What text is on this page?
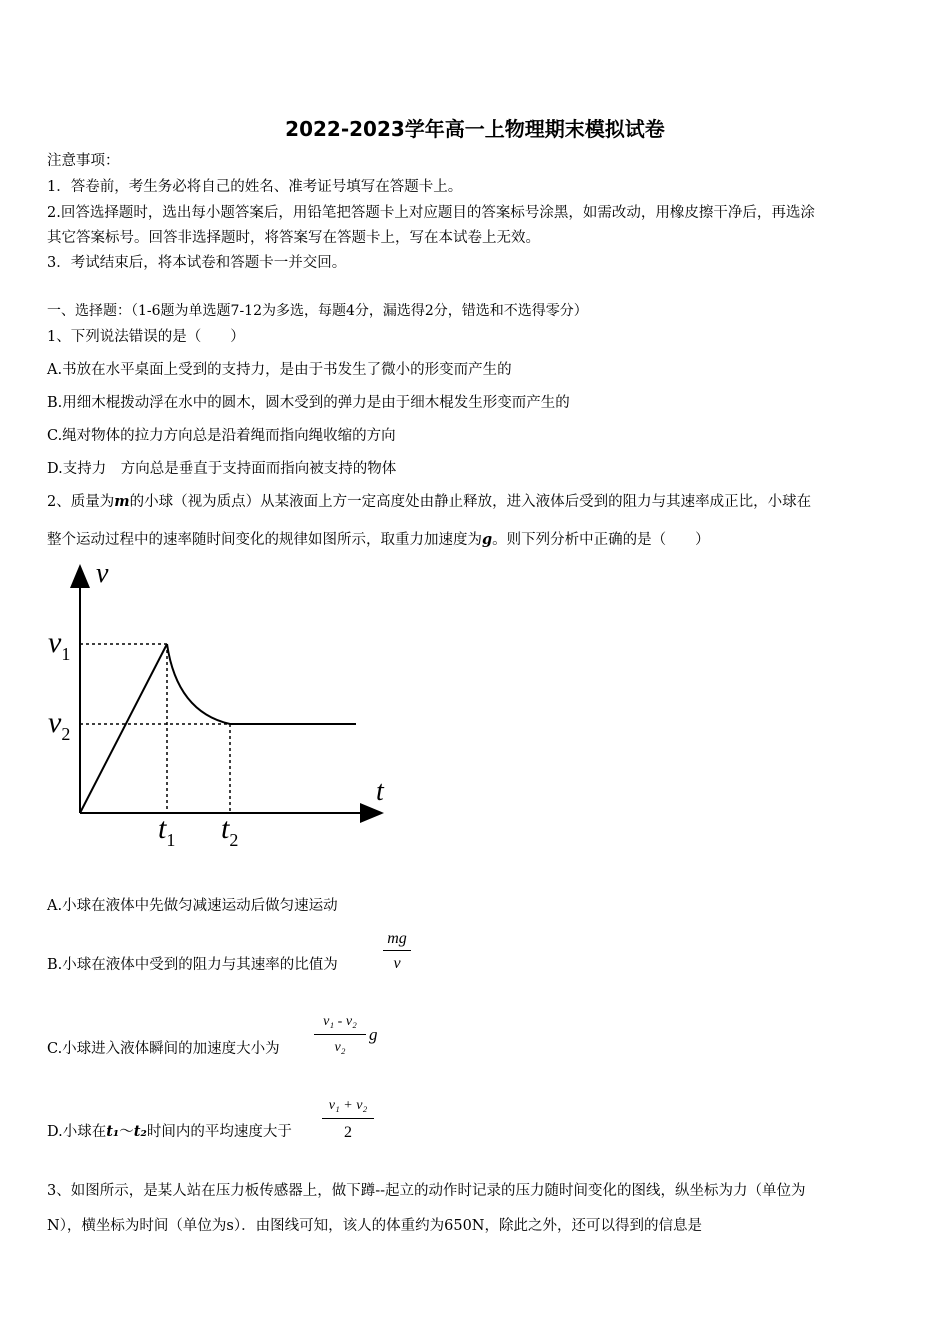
2022-2023学年高一上物理期末模拟试卷
注意事项：
1．答卷前，考生务必将自己的姓名、准考证号填写在答题卡上。
2.回答选择题时，选出每小题答案后，用铅笔把答题卡上对应题目的答案标号涂黑，如需改动，用橡皮擦干净后，再选涂
其它答案标号。回答非选择题时，将答案写在答题卡上，写在本试卷上无效。
3．考试结束后，将本试卷和答题卡一并交回。
一、选择题：（1-6题为单选题7-12为多选，每题4分，漏选得2分，错选和不选得零分）
1、下列说法错误的是（　　）
A.书放在水平桌面上受到的支持力，是由于书发生了微小的形变而产生的
B.用细木棍拨动浮在水中的圆木，圆木受到的弹力是由于细木棍发生形变而产生的
C.绳对物体的拉力方向总是沿着绳而指向绳收缩的方向
D.支持力　方向总是垂直于支持面而指向被支持的物体
2、质量为m的小球（视为质点）从某液面上方一定高度处由静止释放，进入液体后受到的阻力与其速率成正比，小球在
整个运动过程中的速率随时间变化的规律如图所示，取重力加速度为g。则下列分析中正确的是（　　）
v
t
$v_1$
$v_2$
$t_1$ $t_2$
A.小球在液体中先做匀减速运动后做匀速运动
B.小球在液体中受到的阻力与其速率的比值为
mg
v
C.小球进入液体瞬间的加速度大小为
v₁ - v₂
v₂
g
D.小球在t₁～t₂时间内的平均速度大于
v₁ + v₂
2
3、如图所示，是某人站在压力板传感器上，做下蹲--起立的动作时记录的压力随时间变化的图线，纵坐标为力（单位为
N），横坐标为时间（单位为s）．由图线可知，该人的体重约为650N，除此之外，还可以得到的信息是
